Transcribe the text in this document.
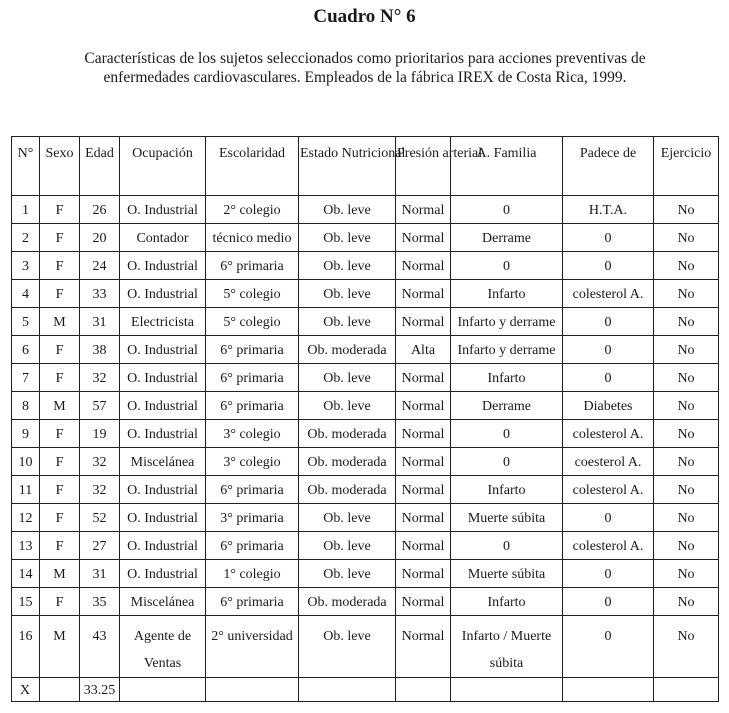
Cuadro N° 6
Características de los sujetos seleccionados como prioritarios para acciones preventivas de
enfermedades cardiovasculares. Empleados de la fábrica IREX de Costa Rica, 1999.
N°	Sexo	Edad	Ocupación	Escolaridad	Estado Nutricional	Presión arterial	A. Familia	Padece de	Ejercicio
1	F	26	O. Industrial	2° colegio	Ob. leve	Normal	0	H.T.A.	No
2	F	20	Contador	técnico medio	Ob. leve	Normal	Derrame	0	No
3	F	24	O. Industrial	6° primaria	Ob. leve	Normal	0	0	No
4	F	33	O. Industrial	5° colegio	Ob. leve	Normal	Infarto	colesterol A.	No
5	M	31	Electricista	5° colegio	Ob. leve	Normal	Infarto y derrame	0	No
6	F	38	O. Industrial	6° primaria	Ob. moderada	Alta	Infarto y derrame	0	No
7	F	32	O. Industrial	6° primaria	Ob. leve	Normal	Infarto	0	No
8	M	57	O. Industrial	6° primaria	Ob. leve	Normal	Derrame	Diabetes	No
9	F	19	O. Industrial	3° colegio	Ob. moderada	Normal	0	colesterol A.	No
10	F	32	Miscelánea	3° colegio	Ob. moderada	Normal	0	coesterol A.	No
11	F	32	O. Industrial	6° primaria	Ob. moderada	Normal	Infarto	colesterol A.	No
12	F	52	O. Industrial	3° primaria	Ob. leve	Normal	Muerte súbita	0	No
13	F	27	O. Industrial	6° primaria	Ob. leve	Normal	0	colesterol A.	No
14	M	31	O. Industrial	1° colegio	Ob. leve	Normal	Muerte súbita	0	No
15	F	35	Miscelánea	6° primaria	Ob. moderada	Normal	Infarto	0	No
16	M	43	Agente de Ventas	2° universidad	Ob. leve	Normal	Infarto / Muerte súbita	0	No
X		33.25							
